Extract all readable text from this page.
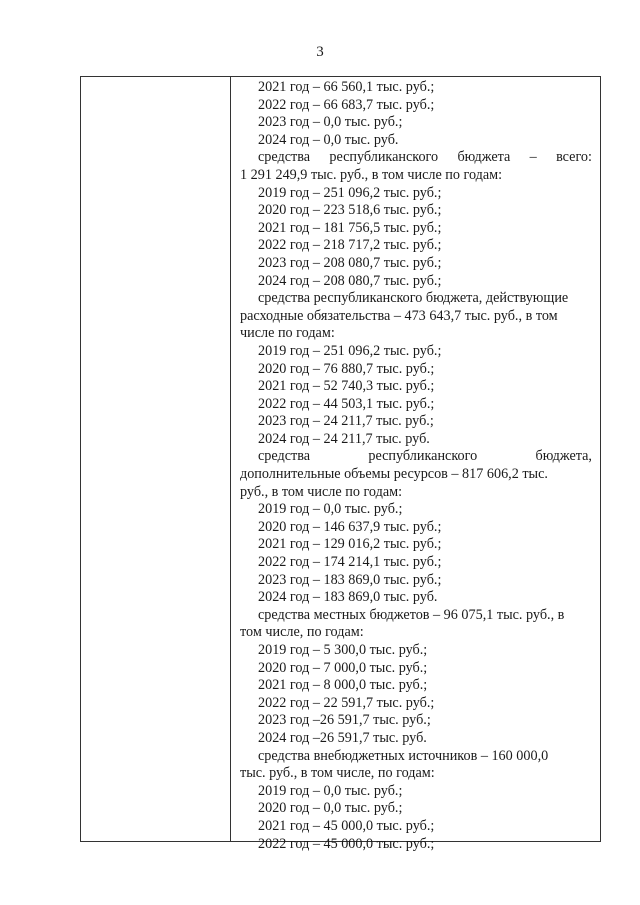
3
2021 год – 66 560,1 тыс. руб.;
2022 год – 66 683,7 тыс. руб.;
2023 год – 0,0 тыс. руб.;
2024 год – 0,0 тыс. руб.
средства республиканского бюджета – всего:
1 291 249,9 тыс. руб., в том числе по годам:
2019 год – 251 096,2 тыс. руб.;
2020 год – 223 518,6 тыс. руб.;
2021 год – 181 756,5 тыс. руб.;
2022 год – 218 717,2 тыс. руб.;
2023 год – 208 080,7 тыс. руб.;
2024 год – 208 080,7 тыс. руб.;
средства республиканского бюджета, действующие
расходные обязательства – 473 643,7 тыс. руб., в том
числе по годам:
2019 год – 251 096,2 тыс. руб.;
2020 год – 76 880,7 тыс. руб.;
2021 год – 52 740,3 тыс. руб.;
2022 год – 44 503,1 тыс. руб.;
2023 год – 24 211,7 тыс. руб.;
2024 год – 24 211,7 тыс. руб.
средства	республиканского	бюджета,
дополнительные объемы ресурсов – 817 606,2 тыс.
руб., в том числе по годам:
2019 год – 0,0 тыс. руб.;
2020 год – 146 637,9 тыс. руб.;
2021 год – 129 016,2 тыс. руб.;
2022 год – 174 214,1 тыс. руб.;
2023 год – 183 869,0 тыс. руб.;
2024 год – 183 869,0 тыс. руб.
средства местных бюджетов – 96 075,1 тыс. руб., в
том числе, по годам:
2019 год – 5 300,0 тыс. руб.;
2020 год – 7 000,0 тыс. руб.;
2021 год – 8 000,0 тыс. руб.;
2022 год – 22 591,7 тыс. руб.;
2023 год –26 591,7 тыс. руб.;
2024 год –26 591,7 тыс. руб.
средства внебюджетных источников – 160 000,0
тыс. руб., в том числе, по годам:
2019 год – 0,0 тыс. руб.;
2020 год – 0,0 тыс. руб.;
2021 год – 45 000,0 тыс. руб.;
2022 год – 45 000,0 тыс. руб.;
